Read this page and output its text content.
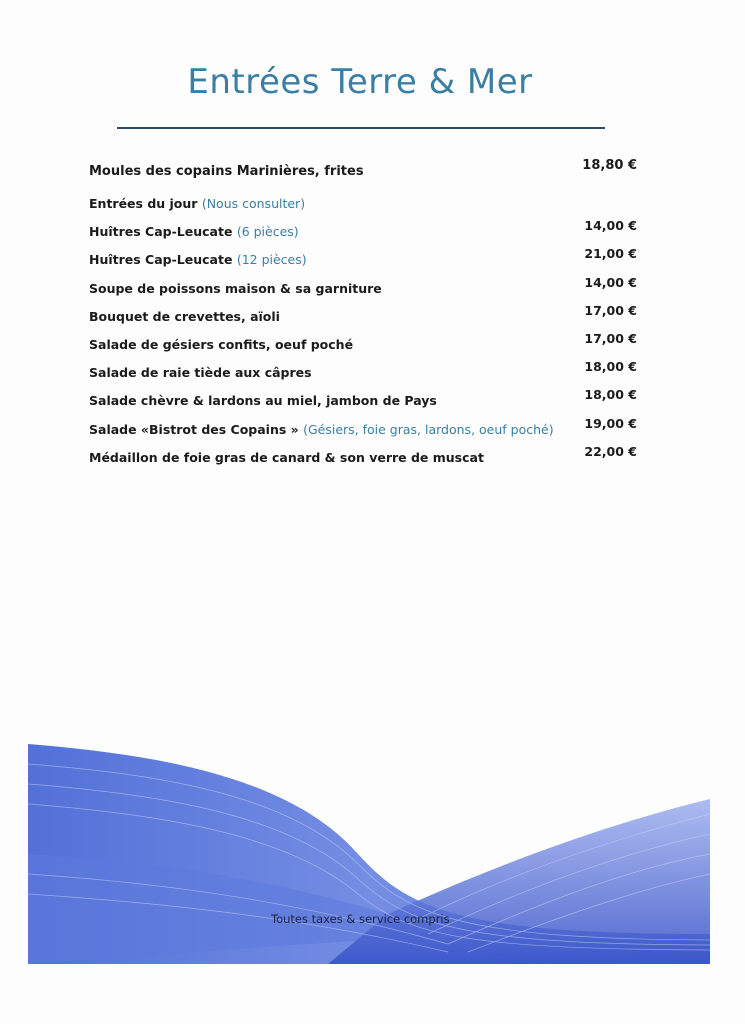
Entrées Terre & Mer
Moules des copains Marinières, frites	18,80 €
Entrées du jour (Nous consulter)
Huîtres Cap-Leucate (6 pièces)	14,00 €
Huîtres Cap-Leucate (12 pièces)	21,00 €
Soupe de poissons maison & sa garniture	14,00 €
Bouquet de crevettes, aïoli	17,00 €
Salade de gésiers confits, oeuf poché	17,00 €
Salade de raie tiède aux câpres	18,00 €
Salade chèvre & lardons au miel, jambon de Pays	18,00 €
Salade «Bistrot des Copains » (Gésiers, foie gras, lardons, oeuf poché) 19,00 €
Médaillon de foie gras de canard & son verre de muscat	22,00 €
Toutes taxes & service compris
